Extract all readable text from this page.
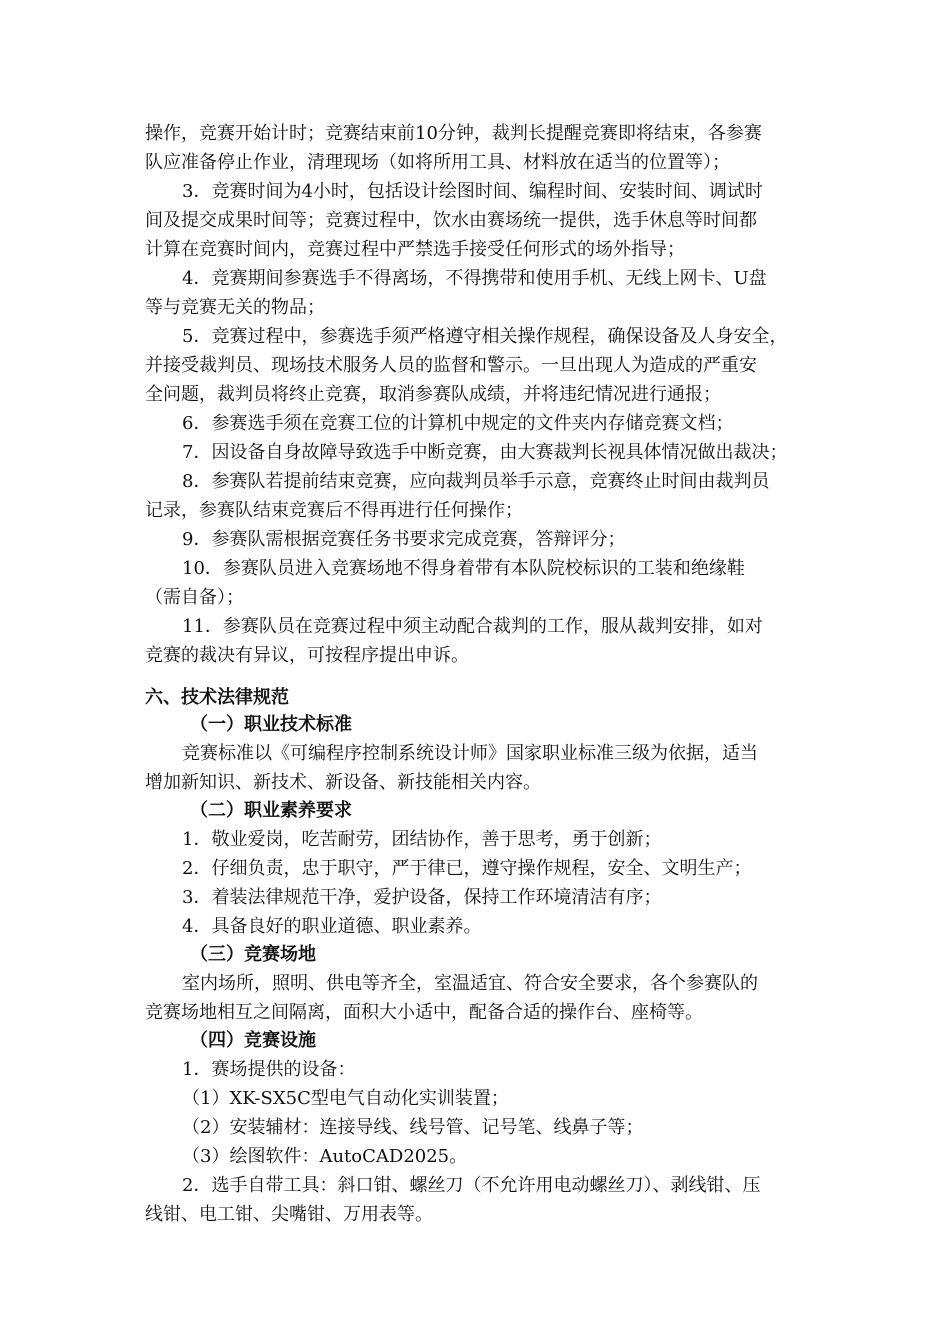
操作，竞赛开始计时；竞赛结束前10分钟，裁判长提醒竞赛即将结束，各参赛
队应准备停止作业，清理现场（如将所用工具、材料放在适当的位置等）；
3．竞赛时间为4小时，包括设计绘图时间、编程时间、安装时间、调试时
间及提交成果时间等；竞赛过程中，饮水由赛场统一提供，选手休息等时间都
计算在竞赛时间内，竞赛过程中严禁选手接受任何形式的场外指导；
4．竞赛期间参赛选手不得离场，不得携带和使用手机、无线上网卡、U盘
等与竞赛无关的物品；
5．竞赛过程中，参赛选手须严格遵守相关操作规程，确保设备及人身安全，
并接受裁判员、现场技术服务人员的监督和警示。一旦出现人为造成的严重安
全问题，裁判员将终止竞赛，取消参赛队成绩，并将违纪情况进行通报；
6．参赛选手须在竞赛工位的计算机中规定的文件夹内存储竞赛文档；
7．因设备自身故障导致选手中断竞赛，由大赛裁判长视具体情况做出裁决；
8．参赛队若提前结束竞赛，应向裁判员举手示意，竞赛终止时间由裁判员
记录，参赛队结束竞赛后不得再进行任何操作；
9．参赛队需根据竞赛任务书要求完成竞赛，答辩评分；
10．参赛队员进入竞赛场地不得身着带有本队院校标识的工装和绝缘鞋
（需自备）；
11．参赛队员在竞赛过程中须主动配合裁判的工作，服从裁判安排，如对
竞赛的裁决有异议，可按程序提出申诉。
六、技术法律规范
（一）职业技术标准
竞赛标准以《可编程序控制系统设计师》国家职业标准三级为依据，适当
增加新知识、新技术、新设备、新技能相关内容。
（二）职业素养要求
1．敬业爱岗，吃苦耐劳，团结协作，善于思考，勇于创新；
2．仔细负责，忠于职守，严于律已，遵守操作规程，安全、文明生产；
3．着装法律规范干净，爱护设备，保持工作环境清洁有序；
4．具备良好的职业道德、职业素养。
（三）竞赛场地
室内场所，照明、供电等齐全，室温适宜、符合安全要求，各个参赛队的
竞赛场地相互之间隔离，面积大小适中，配备合适的操作台、座椅等。
（四）竞赛设施
1．赛场提供的设备：
（1）XK-SX5C型电气自动化实训装置；
（2）安装辅材：连接导线、线号管、记号笔、线鼻子等；
（3）绘图软件：AutoCAD2025。
2．选手自带工具：斜口钳、螺丝刀（不允许用电动螺丝刀）、剥线钳、压
线钳、电工钳、尖嘴钳、万用表等。
